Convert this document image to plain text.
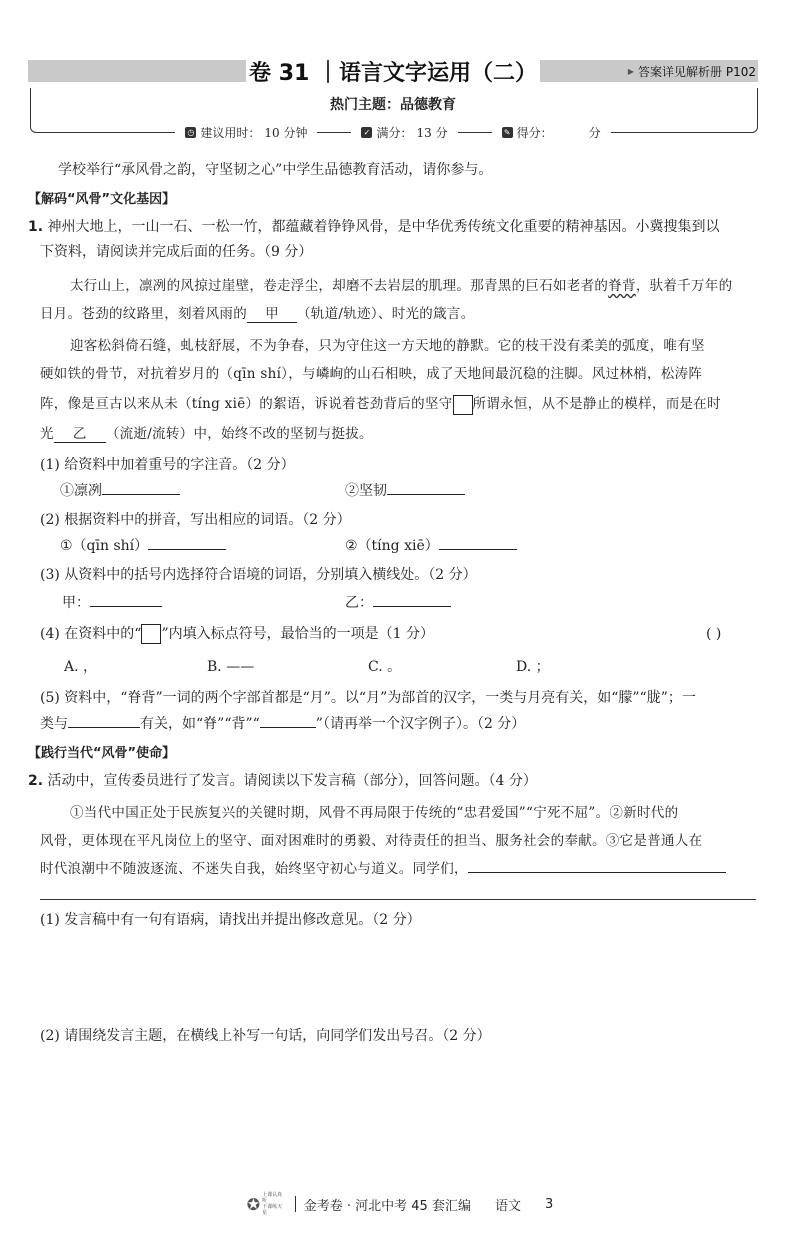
卷 31 ｜语言文字运用（二）	▶ 答案详见解析册 P102
热门主题：品德教育
◷ 建议用时： 10 分钟	✓ 满分： 13 分	✎ 得分：	分
学校举行“承风骨之韵，守坚韧之心”中学生品德教育活动，请你参与。
【解码“风骨”文化基因】
1. 神州大地上，一山一石、一松一竹，都蕴藏着铮铮风骨，是中华优秀传统文化重要的精神基因。小冀搜集到以
下资料，请阅读并完成后面的任务。（9 分）
太行山上，凛冽的风掠过崖壁，卷走浮尘，却磨不去岩层的肌理。那青黑的巨石如老者的脊背，驮着千万年的
日月。苍劲的纹路里，刻着风雨的 甲 （轨道/轨迹）、时光的箴言。
迎客松斜倚石缝，虬枝舒展，不为争春，只为守住这一方天地的静默。它的枝干没有柔美的弧度，唯有坚
硬如铁的骨节，对抗着岁月的（qīn shí），与嶙峋的山石相映，成了天地间最沉稳的注脚。风过林梢，松涛阵
阵，像是亘古以来从未（tíng xiē）的絮语，诉说着苍劲背后的坚守 所谓永恒，从不是静止的模样，而是在时
光 乙 （流逝/流转）中，始终不改的坚韧与挺拔。
(1) 给资料中加着重号的字注音。（2 分）
①凛冽	②坚韧
(2) 根据资料中的拼音，写出相应的词语。（2 分）
①（qīn shí）	②（tíng xiē）
(3) 从资料中的括号内选择符合语境的词语，分别填入横线处。（2 分）
甲：	乙：
(4) 在资料中的“ ”内填入标点符号，最恰当的一项是（1 分）	( )
A. ，	B. ——	C. 。	D. ；
(5) 资料中，“脊背”一词的两个字部首都是“月”。以“月”为部首的汉字，一类与月亮有关，如“朦”“胧”；一
类与	有关，如“脊”“背”“	”（请再举一个汉字例子）。（2 分）
【践行当代“风骨”使命】
2. 活动中，宣传委员进行了发言。请阅读以下发言稿（部分），回答问题。（4 分）
①当代中国正处于民族复兴的关键时期，风骨不再局限于传统的“忠君爱国”“宁死不屈”。②新时代的
风骨，更体现在平凡岗位上的坚守、面对困难时的勇毅、对待责任的担当、服务社会的奉献。③它是普通人在
时代浪潮中不随波逐流、不迷失自我，始终坚守初心与道义。同学们，
(1) 发言稿中有一句有语病，请找出并提出修改意见。（2 分）
(2) 请围绕发言主题，在横线上补写一句话，向同学们发出号召。（2 分）
✪ 上课认真听
下课练天星	金考卷 · 河北中考 45 套汇编 语文 3
